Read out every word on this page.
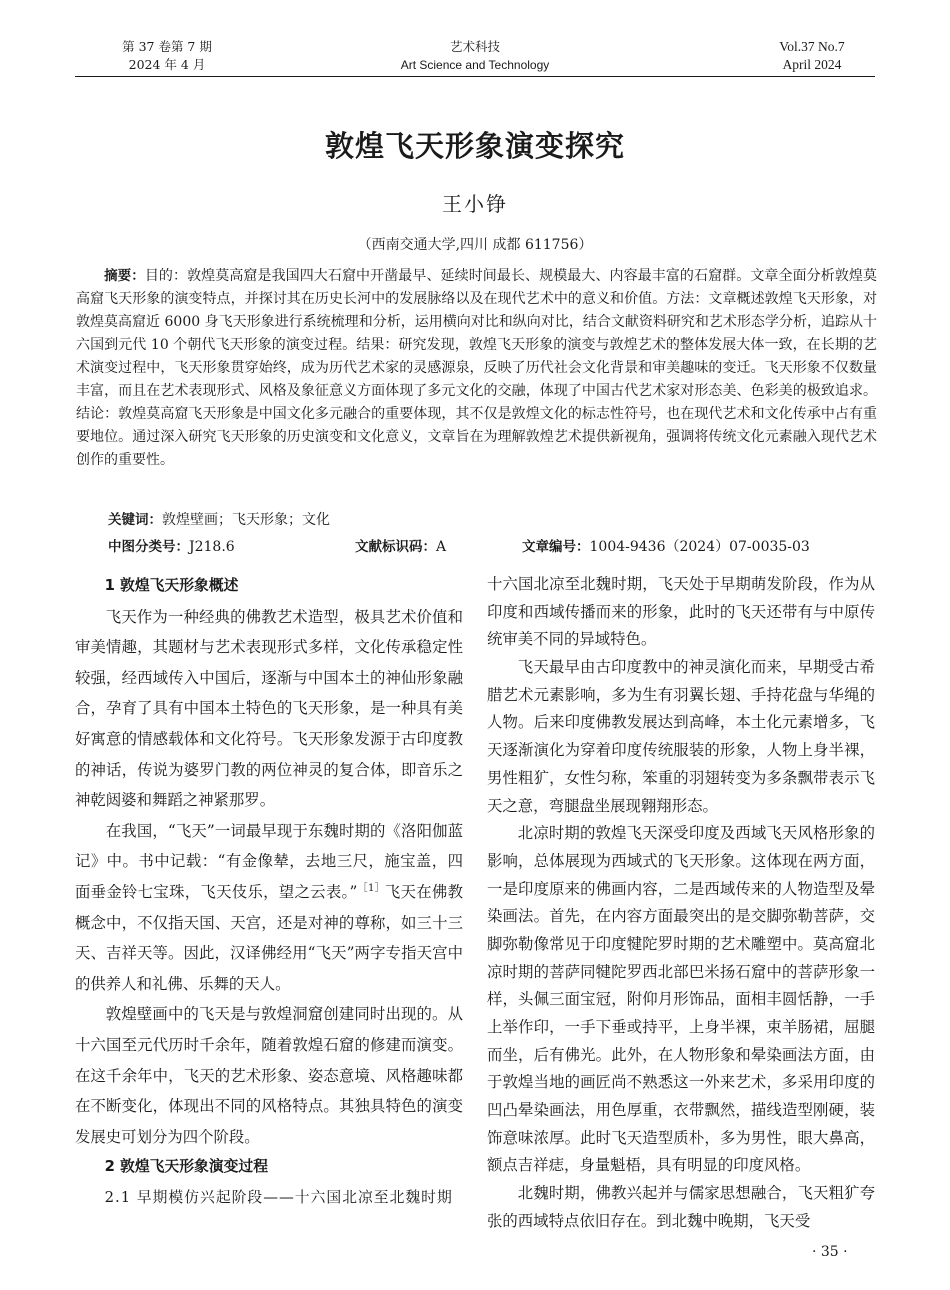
第 37 卷第 7 期
2024 年 4 月
艺术科技
Art Science and Technology
Vol.37 No.7
April 2024
敦煌飞天形象演变探究
王小铮
（西南交通大学,四川 成都 611756）
摘要：目的：敦煌莫高窟是我国四大石窟中开凿最早、延续时间最长、规模最大、内容最丰富的石窟群。文章全面分析敦煌莫高窟飞天形象的演变特点，并探讨其在历史长河中的发展脉络以及在现代艺术中的意义和价值。方法：文章概述敦煌飞天形象，对敦煌莫高窟近 6000 身飞天形象进行系统梳理和分析，运用横向对比和纵向对比，结合文献资料研究和艺术形态学分析，追踪从十六国到元代 10 个朝代飞天形象的演变过程。结果：研究发现，敦煌飞天形象的演变与敦煌艺术的整体发展大体一致，在长期的艺术演变过程中，飞天形象贯穿始终，成为历代艺术家的灵感源泉，反映了历代社会文化背景和审美趣味的变迁。飞天形象不仅数量丰富，而且在艺术表现形式、风格及象征意义方面体现了多元文化的交融，体现了中国古代艺术家对形态美、色彩美的极致追求。结论：敦煌莫高窟飞天形象是中国文化多元融合的重要体现，其不仅是敦煌文化的标志性符号，也在现代艺术和文化传承中占有重要地位。通过深入研究飞天形象的历史演变和文化意义，文章旨在为理解敦煌艺术提供新视角，强调将传统文化元素融入现代艺术创作的重要性。
关键词：敦煌壁画；飞天形象；文化
中图分类号：J218.6	文献标识码：A	文章编号：1004-9436（2024）07-0035-03

1 敦煌飞天形象概述

飞天作为一种经典的佛教艺术造型，极具艺术价值和审美情趣，其题材与艺术表现形式多样，文化传承稳定性较强，经西域传入中国后，逐渐与中国本土的神仙形象融合，孕育了具有中国本土特色的飞天形象，是一种具有美好寓意的情感载体和文化符号。飞天形象发源于古印度教的神话，传说为婆罗门教的两位神灵的复合体，即音乐之神乾闼婆和舞蹈之神紧那罗。

在我国，“飞天”一词最早现于东魏时期的《洛阳伽蓝记》中。书中记载：“有金像辇，去地三尺，施宝盖，四面垂金铃七宝珠，飞天伎乐，望之云表。”$^{[1]}$飞天在佛教概念中，不仅指天国、天宫，还是对神的尊称，如三十三天、吉祥天等。因此，汉译佛经用“飞天”两字专指天宫中的供养人和礼佛、乐舞的天人。

敦煌壁画中的飞天是与敦煌洞窟创建同时出现的。从十六国至元代历时千余年，随着敦煌石窟的修建而演变。在这千余年中，飞天的艺术形象、姿态意境、风格趣味都在不断变化，体现出不同的风格特点。其独具特色的演变发展史可划分为四个阶段。

2 敦煌飞天形象演变过程

2.1 早期模仿兴起阶段——十六国北凉至北魏时期

十六国北凉至北魏时期，飞天处于早期萌发阶段，作为从印度和西域传播而来的形象，此时的飞天还带有与中原传统审美不同的异域特色。

飞天最早由古印度教中的神灵演化而来，早期受古希腊艺术元素影响，多为生有羽翼长翅、手持花盘与华绳的人物。后来印度佛教发展达到高峰，本土化元素增多，飞天逐渐演化为穿着印度传统服装的形象，人物上身半裸，男性粗犷，女性匀称，笨重的羽翅转变为多条飘带表示飞天之意，弯腿盘坐展现翱翔形态。

北凉时期的敦煌飞天深受印度及西域飞天风格形象的影响，总体展现为西域式的飞天形象。这体现在两方面，一是印度原来的佛画内容，二是西域传来的人物造型及晕染画法。首先，在内容方面最突出的是交脚弥勒菩萨，交脚弥勒像常见于印度犍陀罗时期的艺术雕塑中。莫高窟北凉时期的菩萨同犍陀罗西北部巴米扬石窟中的菩萨形象一样，头佩三面宝冠，附仰月形饰品，面相丰圆恬静，一手上举作印，一手下垂或持平，上身半裸，束羊肠裙，屈腿而坐，后有佛光。此外，在人物形象和晕染画法方面，由于敦煌当地的画匠尚不熟悉这一外来艺术，多采用印度的凹凸晕染画法，用色厚重，衣带飘然，描线造型刚硬，装饰意味浓厚。此时飞天造型质朴，多为男性，眼大鼻高，额点吉祥痣，身量魁梧，具有明显的印度风格。

北魏时期，佛教兴起并与儒家思想融合，飞天粗犷夸张的西域特点依旧存在。到北魏中晚期，飞天受

· 35 ·
